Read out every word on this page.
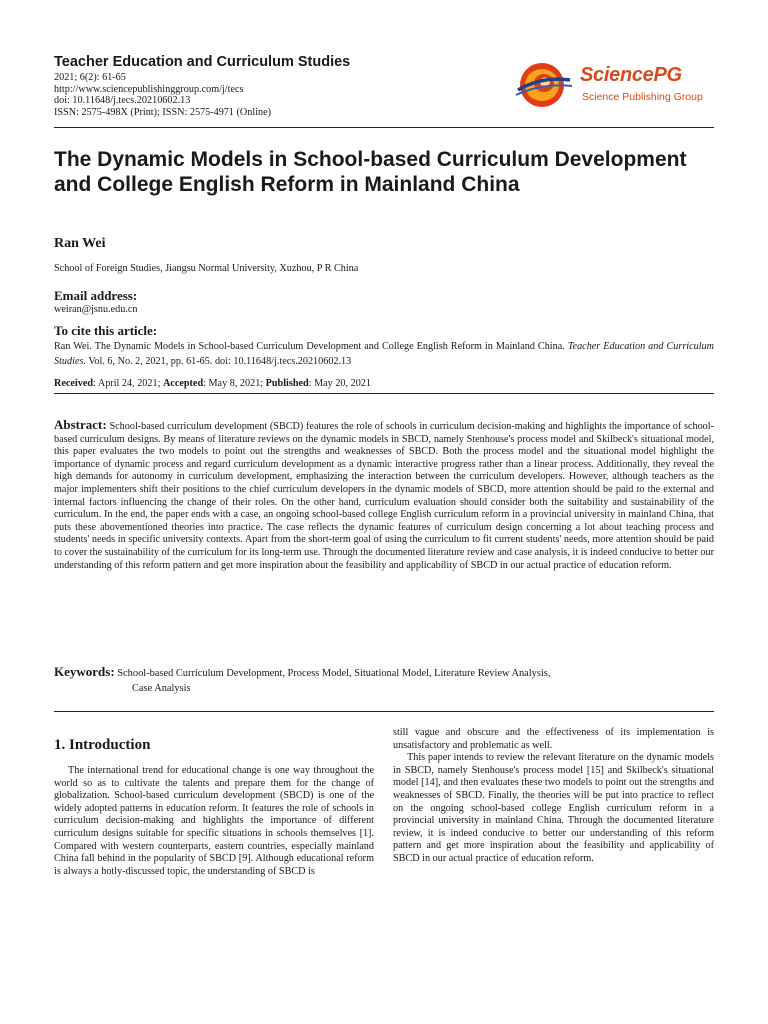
Teacher Education and Curriculum Studies
2021; 6(2): 61-65
http://www.sciencepublishinggroup.com/j/tecs
doi: 10.11648/j.tecs.20210602.13
ISSN: 2575-498X (Print); ISSN: 2575-4971 (Online)
SciencePG
Science Publishing Group
The Dynamic Models in School-based Curriculum Development and College English Reform in Mainland China
Ran Wei
School of Foreign Studies, Jiangsu Normal University, Xuzhou, P R China
Email address:
weiran@jsnu.edu.cn
To cite this article:
Ran Wei. The Dynamic Models in School-based Curriculum Development and College English Reform in Mainland China. Teacher Education and Curriculum Studies. Vol. 6, No. 2, 2021, pp. 61-65. doi: 10.11648/j.tecs.20210602.13
Received: April 24, 2021; Accepted: May 8, 2021; Published: May 20, 2021
Abstract: School-based curriculum development (SBCD) features the role of schools in curriculum decision-making and highlights the importance of school-based curriculum designs. By means of literature reviews on the dynamic models in SBCD, namely Stenhouse's process model and Skilbeck's situational model, this paper evaluates the two models to point out the strengths and weaknesses of SBCD. Both the process model and the situational model highlight the importance of dynamic process and regard curriculum development as a dynamic interactive progress rather than a linear process. Additionally, they reveal the high demands for autonomy in curriculum development, emphasizing the interaction between the curriculum developers. However, although teachers as the major implementers shift their positions to the chief curriculum developers in the dynamic models of SBCD, more attention should be paid to the external and internal factors influencing the change of their roles. On the other hand, curriculum evaluation should consider both the suitability and sustainability of the curriculum. In the end, the paper ends with a case, an ongoing school-based college English curriculum reform in a provincial university in mainland China, that puts these abovementioned theories into practice. The case reflects the dynamic features of curriculum design concerning a lot about teaching process and students' needs in specific university contexts. Apart from the short-term goal of using the curriculum to fit current students' needs, more attention should be paid to cover the sustainability of the curriculum for its long-term use. Through the documented literature review and case analysis, it is indeed conducive to better our understanding of this reform pattern and get more inspiration about the feasibility and applicability of SBCD in our actual practice of education reform.
Keywords: School-based Curriculum Development, Process Model, Situational Model, Literature Review Analysis,
Case Analysis
1. Introduction

The international trend for educational change is one way throughout the world so as to cultivate the talents and prepare them for the change of globalization. School-based curriculum development (SBCD) is one of the widely adopted patterns in education reform. It features the role of schools in curriculum decision-making and highlights the importance of different curriculum designs suitable for specific situations in schools themselves [1]. Compared with western counterparts, eastern countries, especially mainland China fall behind in the popularity of SBCD [9]. Although educational reform is always a hotly-discussed topic, the understanding of SBCD is

still vague and obscure and the effectiveness of its implementation is unsatisfactory and problematic as well.

This paper intends to review the relevant literature on the dynamic models in SBCD, namely Stenhouse's process model [15] and Skilbeck's situational model [14], and then evaluates these two models to point out the strengths and weaknesses of SBCD. Finally, the theories will be put into practice to reflect on the ongoing school-based college English curriculum reform in a provincial university in mainland China. Through the documented literature review, it is indeed conducive to better our understanding of this reform pattern and get more inspiration about the feasibility and applicability of SBCD in our actual practice of education reform.
